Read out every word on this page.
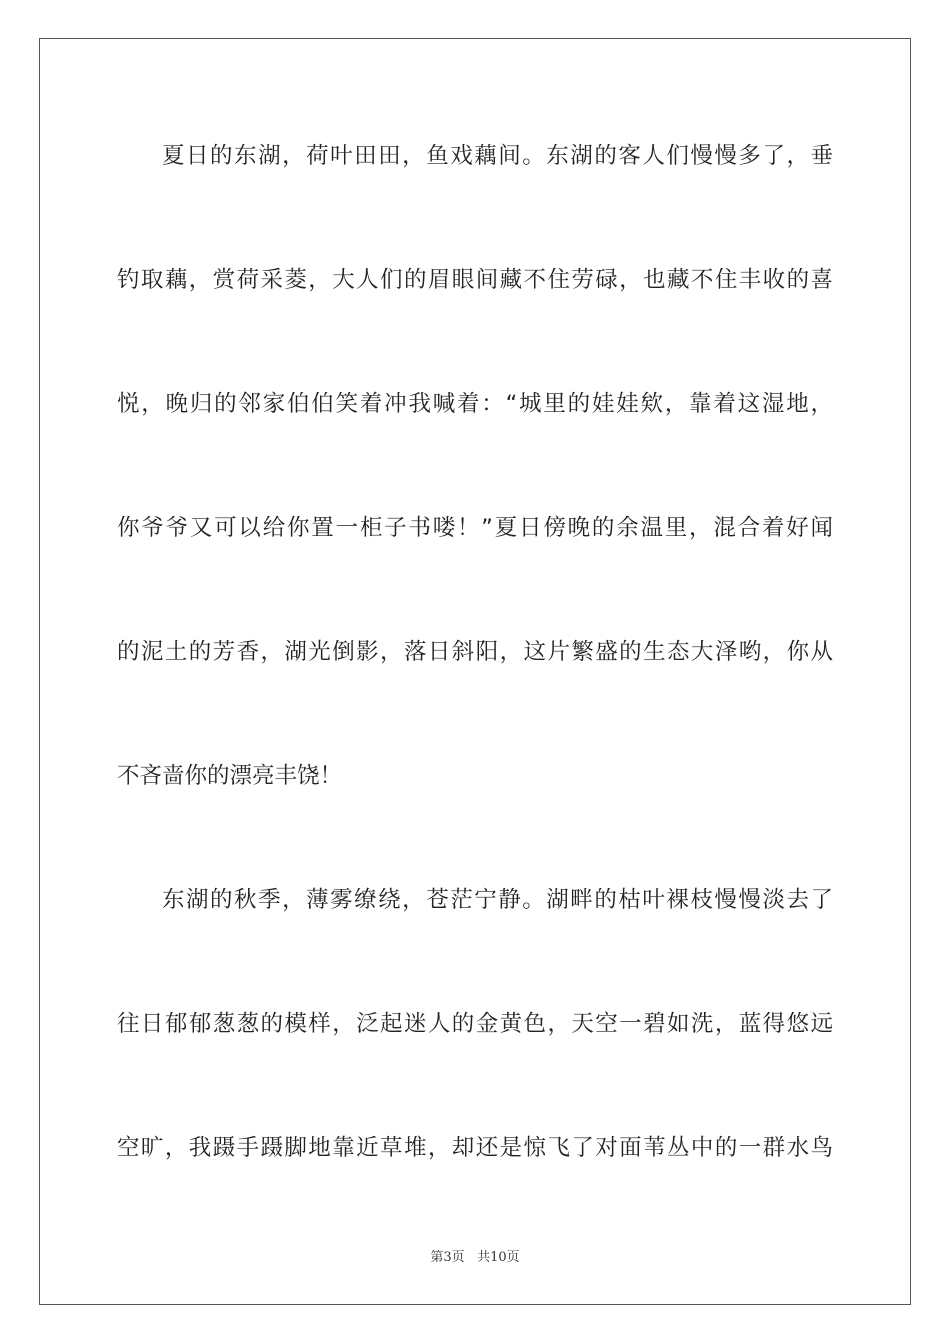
夏日的东湖，荷叶田田，鱼戏藕间。东湖的客人们慢慢多了，垂
钓取藕，赏荷采菱，大人们的眉眼间藏不住劳碌，也藏不住丰收的喜
悦，晚归的邻家伯伯笑着冲我喊着：“城里的娃娃欸，靠着这湿地，
你爷爷又可以给你置一柜子书喽！”夏日傍晚的余温里，混合着好闻
的泥土的芳香，湖光倒影，落日斜阳，这片繁盛的生态大泽哟，你从
不吝啬你的漂亮丰饶！
东湖的秋季，薄雾缭绕，苍茫宁静。湖畔的枯叶裸枝慢慢淡去了
往日郁郁葱葱的模样，泛起迷人的金黄色，天空一碧如洗，蓝得悠远
空旷，我蹑手蹑脚地靠近草堆，却还是惊飞了对面苇丛中的一群水鸟
第3页 共10页
